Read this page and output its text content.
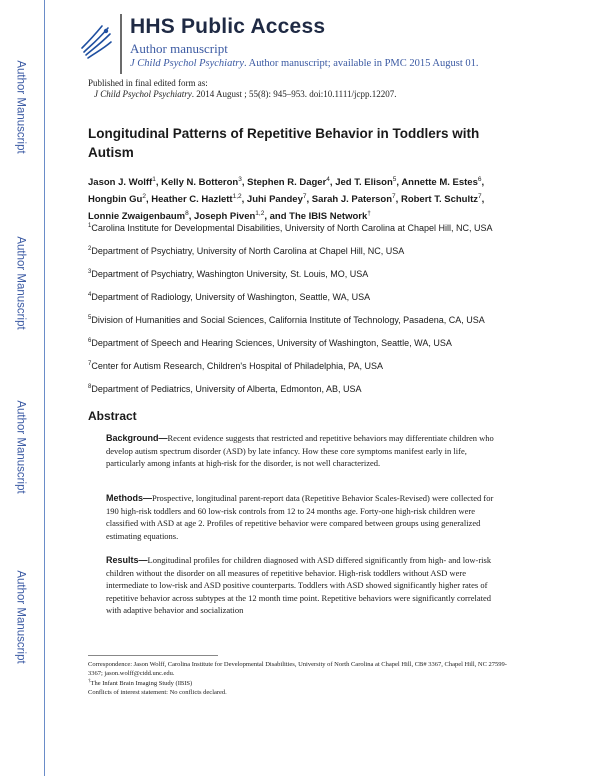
Author Manuscript
Author Manuscript
Author Manuscript
Author Manuscript
HHS Public Access
Author manuscript
J Child Psychol Psychiatry. Author manuscript; available in PMC 2015 August 01.
Published in final edited form as:
J Child Psychol Psychiatry. 2014 August ; 55(8): 945–953. doi:10.1111/jcpp.12207.
Longitudinal Patterns of Repetitive Behavior in Toddlers with Autism
Jason J. Wolff$^1$, Kelly N. Botteron$^3$, Stephen R. Dager$^4$, Jed T. Elison$^5$, Annette M. Estes$^6$, Hongbin Gu$^2$, Heather C. Hazlett$^{1,2}$, Juhi Pandey$^7$, Sarah J. Paterson$^7$, Robert T. Schultz$^7$, Lonnie Zwaigenbaum$^8$, Joseph Piven$^{1,2}$, and The IBIS Network†
$^1$Carolina Institute for Developmental Disabilities, University of North Carolina at Chapel Hill, NC, USA
$^2$Department of Psychiatry, University of North Carolina at Chapel Hill, NC, USA
$^3$Department of Psychiatry, Washington University, St. Louis, MO, USA
$^4$Department of Radiology, University of Washington, Seattle, WA, USA
$^5$Division of Humanities and Social Sciences, California Institute of Technology, Pasadena, CA, USA
$^6$Department of Speech and Hearing Sciences, University of Washington, Seattle, WA, USA
$^7$Center for Autism Research, Children's Hospital of Philadelphia, PA, USA
$^8$Department of Pediatrics, University of Alberta, Edmonton, AB, USA
Abstract
Background—Recent evidence suggests that restricted and repetitive behaviors may differentiate children who develop autism spectrum disorder (ASD) by late infancy. How these core symptoms manifest early in life, particularly among infants at high-risk for the disorder, is not well characterized.
Methods—Prospective, longitudinal parent-report data (Repetitive Behavior Scales-Revised) were collected for 190 high-risk toddlers and 60 low-risk controls from 12 to 24 months age. Forty-one high-risk children were classified with ASD at age 2. Profiles of repetitive behavior were compared between groups using generalized estimating equations.
Results—Longitudinal profiles for children diagnosed with ASD differed significantly from high- and low-risk children without the disorder on all measures of repetitive behavior. High-risk toddlers without ASD were intermediate to low-risk and ASD positive counterparts. Toddlers with ASD showed significantly higher rates of repetitive behavior across subtypes at the 12 month time point. Repetitive behaviors were significantly correlated with adaptive behavior and socialization
Correspondence: Jason Wolff, Carolina Institute for Developmental Disabilities, University of North Carolina at Chapel Hill, CB# 3367, Chapel Hill, NC 27599-3367; jason.wolff@cidd.unc.edu.
†The Infant Brain Imaging Study (IBIS)
Conflicts of interest statement: No conflicts declared.
